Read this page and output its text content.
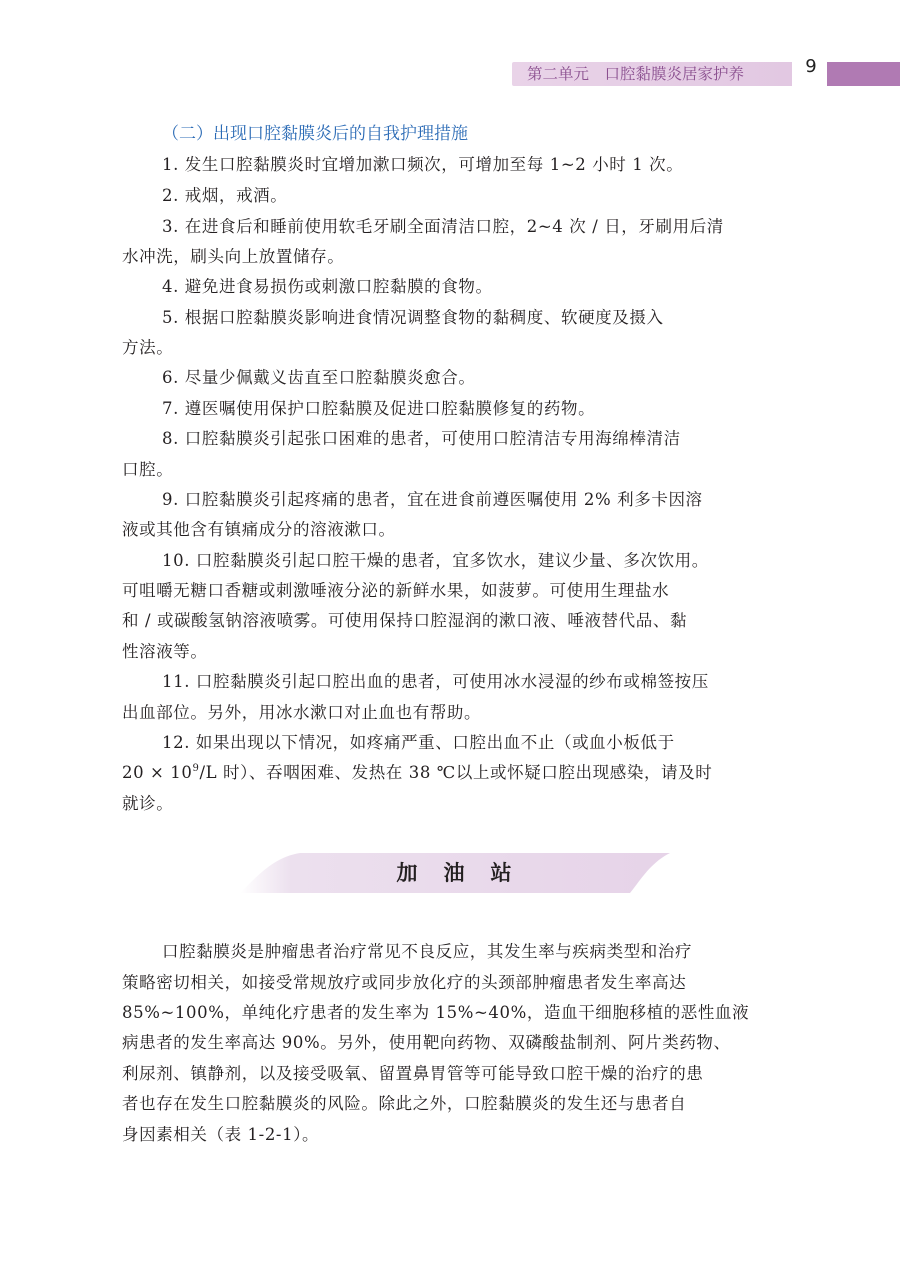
第二单元　口腔黏膜炎居家护养	9
（二）出现口腔黏膜炎后的自我护理措施
1. 发生口腔黏膜炎时宜增加漱口频次，可增加至每 1~2 小时 1 次。
2. 戒烟，戒酒。
3. 在进食后和睡前使用软毛牙刷全面清洁口腔，2~4 次 / 日，牙刷用后清
水冲洗，刷头向上放置储存。
4. 避免进食易损伤或刺激口腔黏膜的食物。
5. 根据口腔黏膜炎影响进食情况调整食物的黏稠度、软硬度及摄入
方法。
6. 尽量少佩戴义齿直至口腔黏膜炎愈合。
7. 遵医嘱使用保护口腔黏膜及促进口腔黏膜修复的药物。
8. 口腔黏膜炎引起张口困难的患者，可使用口腔清洁专用海绵棒清洁
口腔。
9. 口腔黏膜炎引起疼痛的患者，宜在进食前遵医嘱使用 2% 利多卡因溶
液或其他含有镇痛成分的溶液漱口。
10. 口腔黏膜炎引起口腔干燥的患者，宜多饮水，建议少量、多次饮用。
可咀嚼无糖口香糖或刺激唾液分泌的新鲜水果，如菠萝。可使用生理盐水
和 / 或碳酸氢钠溶液喷雾。可使用保持口腔湿润的漱口液、唾液替代品、黏
性溶液等。
11. 口腔黏膜炎引起口腔出血的患者，可使用冰水浸湿的纱布或棉签按压
出血部位。另外，用冰水漱口对止血也有帮助。
12. 如果出现以下情况，如疼痛严重、口腔出血不止（或血小板低于
$20 \times 10^9/L$ 时）、吞咽困难、发热在 38 ℃以上或怀疑口腔出现感染，请及时
就诊。
加油站
口腔黏膜炎是肿瘤患者治疗常见不良反应，其发生率与疾病类型和治疗
策略密切相关，如接受常规放疗或同步放化疗的头颈部肿瘤患者发生率高达
85%~100%，单纯化疗患者的发生率为 15%~40%，造血干细胞移植的恶性血液
病患者的发生率高达 90%。另外，使用靶向药物、双磷酸盐制剂、阿片类药物、
利尿剂、镇静剂，以及接受吸氧、留置鼻胃管等可能导致口腔干燥的治疗的患
者也存在发生口腔黏膜炎的风险。除此之外，口腔黏膜炎的发生还与患者自
身因素相关（表 1-2-1）。
